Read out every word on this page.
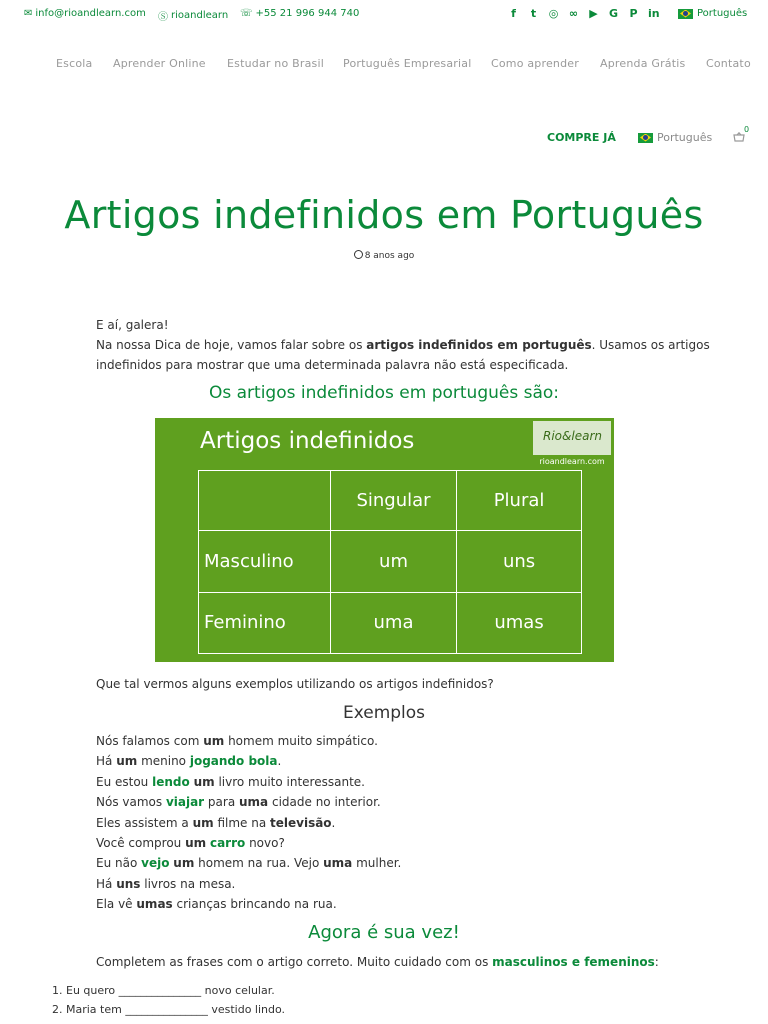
✉ info@rioandlearn.com Ⓢ rioandlearn ☏ +55 21 996 944 740	f t ◎ ∞ ▶ G P in	Português
Escola Aprender Online Estudar no Brasil Português Empresarial Como aprender Aprenda Grátis Contato
COMPRE JÁ	Português
0
Artigos indefinidos em Português
8 anos ago
E aí, galera!
Na nossa Dica de hoje, vamos falar sobre os artigos indefinidos em português. Usamos os artigos
indefinidos para mostrar que uma determinada palavra não está especificada.
Os artigos indefinidos em português são:
Artigos indefinidos	Rio&learn
rioandlearn.com
	Singular	Plural
Masculino	um	uns
Feminino	uma	umas
Que tal vermos alguns exemplos utilizando os artigos indefinidos?
Exemplos
Nós falamos com um homem muito simpático.
Há um menino jogando bola.
Eu estou lendo um livro muito interessante.
Nós vamos viajar para uma cidade no interior.
Eles assistem a um filme na televisão.
Você comprou um carro novo?
Eu não vejo um homem na rua. Vejo uma mulher.
Há uns livros na mesa.
Ela vê umas crianças brincando na rua.
Agora é sua vez!
Completem as frases com o artigo correto. Muito cuidado com os masculinos e femeninos:
1. Eu quero _______________ novo celular.
2. Maria tem _______________ vestido lindo.
